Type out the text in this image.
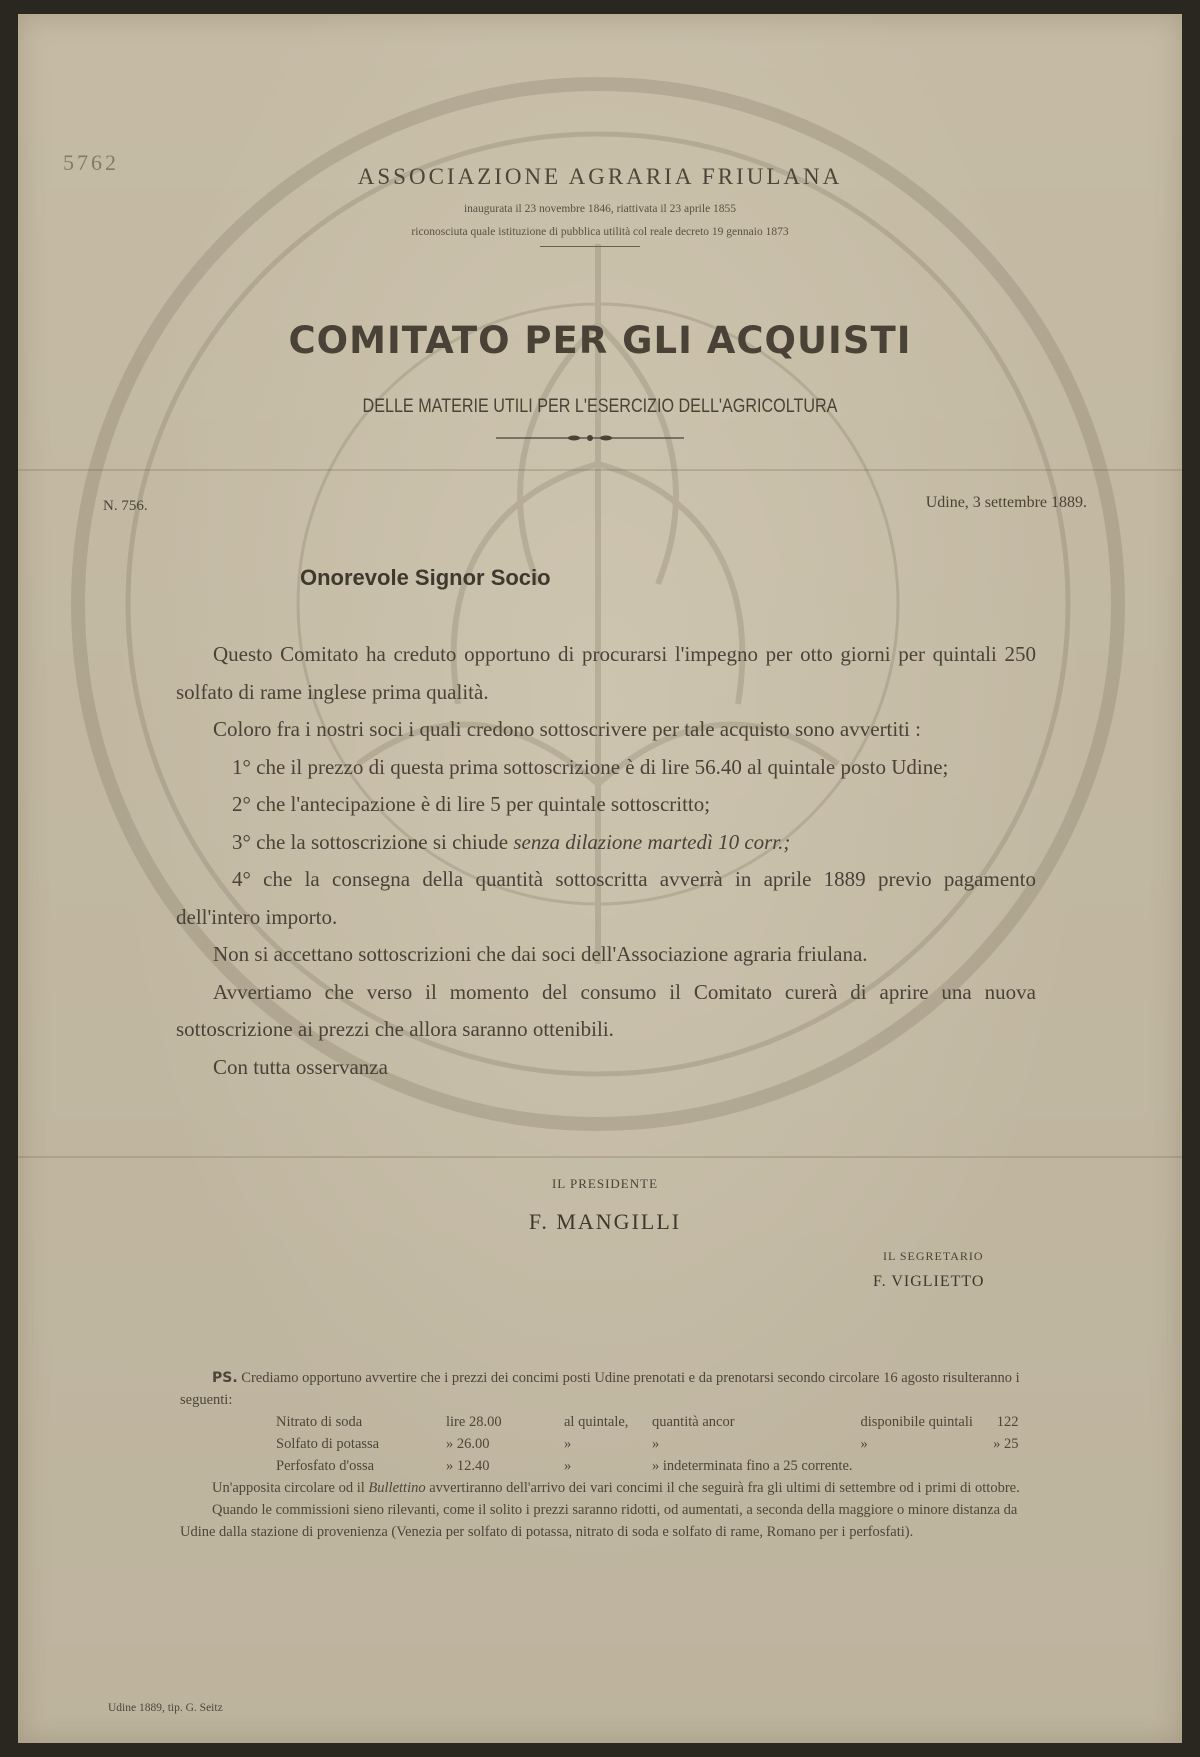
5762
ASSOCIAZIONE AGRARIA FRIULANA
inaugurata il 23 novembre 1846, riattivata il 23 aprile 1855
riconosciuta quale istituzione di pubblica utilità col reale decreto 19 gennaio 1873
COMITATO PER GLI ACQUISTI
DELLE MATERIE UTILI PER L'ESERCIZIO DELL'AGRICOLTURA
N. 756.	Udine, 3 settembre 1889.
Onorevole Signor Socio

Questo Comitato ha creduto opportuno di procurarsi l'impegno per otto giorni per quintali 250 solfato di rame inglese prima qualità.

Coloro fra i nostri soci i quali credono sottoscrivere per tale acquisto sono avvertiti :

1° che il prezzo di questa prima sottoscrizione è di lire 56.40 al quintale posto Udine;

2° che l'antecipazione è di lire 5 per quintale sottoscritto;

3° che la sottoscrizione si chiude senza dilazione martedì 10 corr.;

4° che la consegna della quantità sottoscritta avverrà in aprile 1889 previo pagamento dell'intero importo.

Non si accettano sottoscrizioni che dai soci dell'Associazione agraria friulana.

Avvertiamo che verso il momento del consumo il Comitato curerà di aprire una nuova sottoscrizione ai prezzi che allora saranno ottenibili.

Con tutta osservanza

IL PRESIDENTE
F. MANGILLI
IL SEGRETARIO
F. VIGLIETTO

PS. Crediamo opportuno avvertire che i prezzi dei concimi posti Udine prenotati e da prenotarsi secondo circolare 16 agosto risulteranno i seguenti:

Nitrato di soda	lire 28.00	al quintale,	quantità ancor	disponibile quintali	122
Solfato di potassa	» 26.00	»	»	»	» 25
Perfosfato d'ossa	» 12.40	»	» indeterminata fino a 25 corrente.		

Un'apposita circolare od il Bullettino avvertiranno dell'arrivo dei vari concimi il che seguirà fra gli ultimi di settembre od i primi di ottobre.

Quando le commissioni sieno rilevanti, come il solito i prezzi saranno ridotti, od aumentati, a seconda della maggiore o minore distanza da Udine dalla stazione di provenienza (Venezia per solfato di potassa, nitrato di soda e solfato di rame, Romano per i perfosfati).

Udine 1889, tip. G. Seitz
